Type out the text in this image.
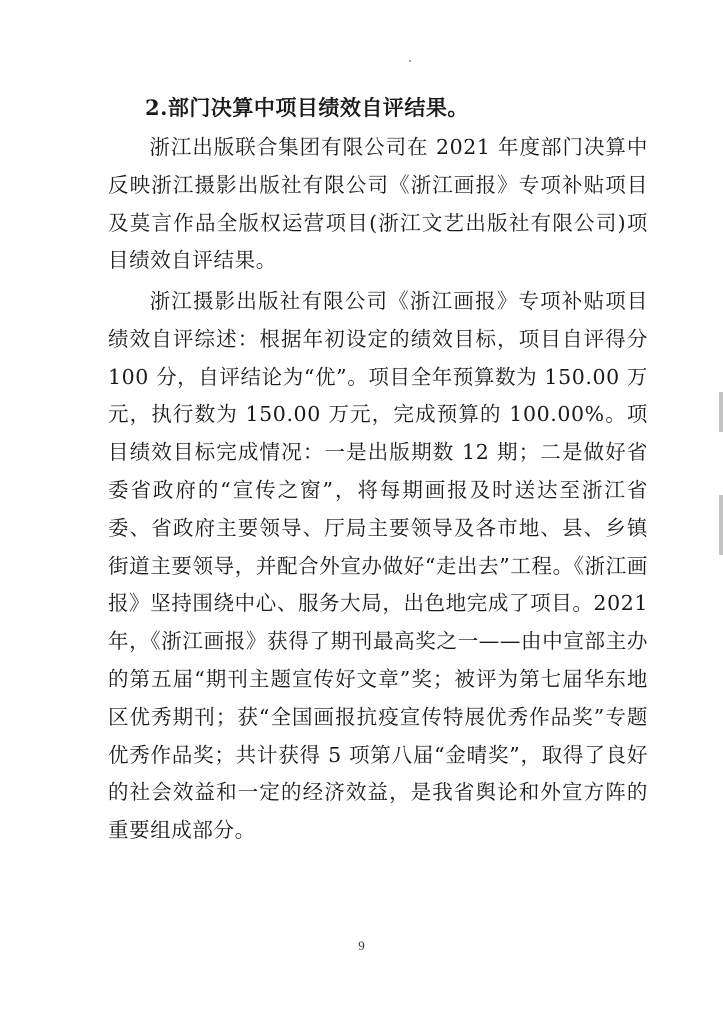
2.部门决算中项目绩效自评结果。
浙江出版联合集团有限公司在 2021 年度部门决算中反映浙江摄影出版社有限公司《浙江画报》专项补贴项目及莫言作品全版权运营项目(浙江文艺出版社有限公司)项目绩效自评结果。
浙江摄影出版社有限公司《浙江画报》专项补贴项目绩效自评综述：根据年初设定的绩效目标，项目自评得分 100 分，自评结论为“优”。项目全年预算数为 150.00 万元，执行数为 150.00 万元，完成预算的 100.00%。项目绩效目标完成情况：一是出版期数 12 期；二是做好省委省政府的“宣传之窗”，将每期画报及时送达至浙江省委、省政府主要领导、厅局主要领导及各市地、县、乡镇街道主要领导，并配合外宣办做好“走出去”工程。《浙江画报》坚持围绕中心、服务大局，出色地完成了项目。2021 年，《浙江画报》获得了期刊最高奖之一——由中宣部主办的第五届“期刊主题宣传好文章”奖；被评为第七届华东地区优秀期刊；获“全国画报抗疫宣传特展优秀作品奖”专题优秀作品奖；共计获得 5 项第八届“金晴奖”，取得了良好的社会效益和一定的经济效益，是我省舆论和外宣方阵的重要组成部分。
9
